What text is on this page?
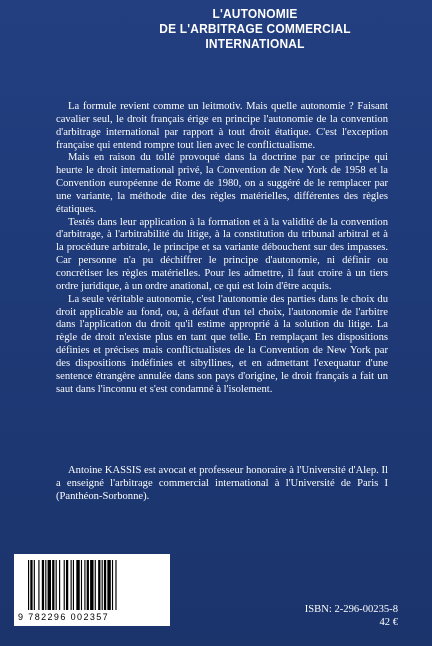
L'AUTONOMIE
DE L'ARBITRAGE COMMERCIAL
INTERNATIONAL

La formule revient comme un leitmotiv. Mais quelle autonomie ? Faisant cavalier seul, le droit français érige en principe l'autonomie de la convention d'arbitrage international par rapport à tout droit étatique. C'est l'exception française qui entend rompre tout lien avec le conflictualisme.

Mais en raison du tollé provoqué dans la doctrine par ce principe qui heurte le droit international privé, la Convention de New York de 1958 et la Convention européenne de Rome de 1980, on a suggéré de le remplacer par une variante, la méthode dite des règles matérielles, différentes des règles étatiques.

Testés dans leur application à la formation et à la validité de la convention d'arbitrage, à l'arbitrabilité du litige, à la constitution du tribunal arbitral et à la procédure arbitrale, le principe et sa variante débouchent sur des impasses. Car personne n'a pu déchiffrer le principe d'autonomie, ni définir ou concrétiser les règles matérielles. Pour les admettre, il faut croire à un tiers ordre juridique, à un ordre anational, ce qui est loin d'être acquis.

La seule véritable autonomie, c'est l'autonomie des parties dans le choix du droit applicable au fond, ou, à défaut d'un tel choix, l'autonomie de l'arbitre dans l'application du droit qu'il estime approprié à la solution du litige. La règle de droit n'existe plus en tant que telle. En remplaçant les dispositions définies et précises mais conflictualistes de la Convention de New York par des dispositions indéfinies et sibyllines, et en admettant l'exequatur d'une sentence étrangère annulée dans son pays d'origine, le droit français a fait un saut dans l'inconnu et s'est condamné à l'isolement.

Antoine KASSIS est avocat et professeur honoraire à l'Université d'Alep. Il a enseigné l'arbitrage commercial international à l'Université de Paris I (Panthéon-Sorbonne).

9 782296 002357
ISBN: 2-296-00235-8
42 €
